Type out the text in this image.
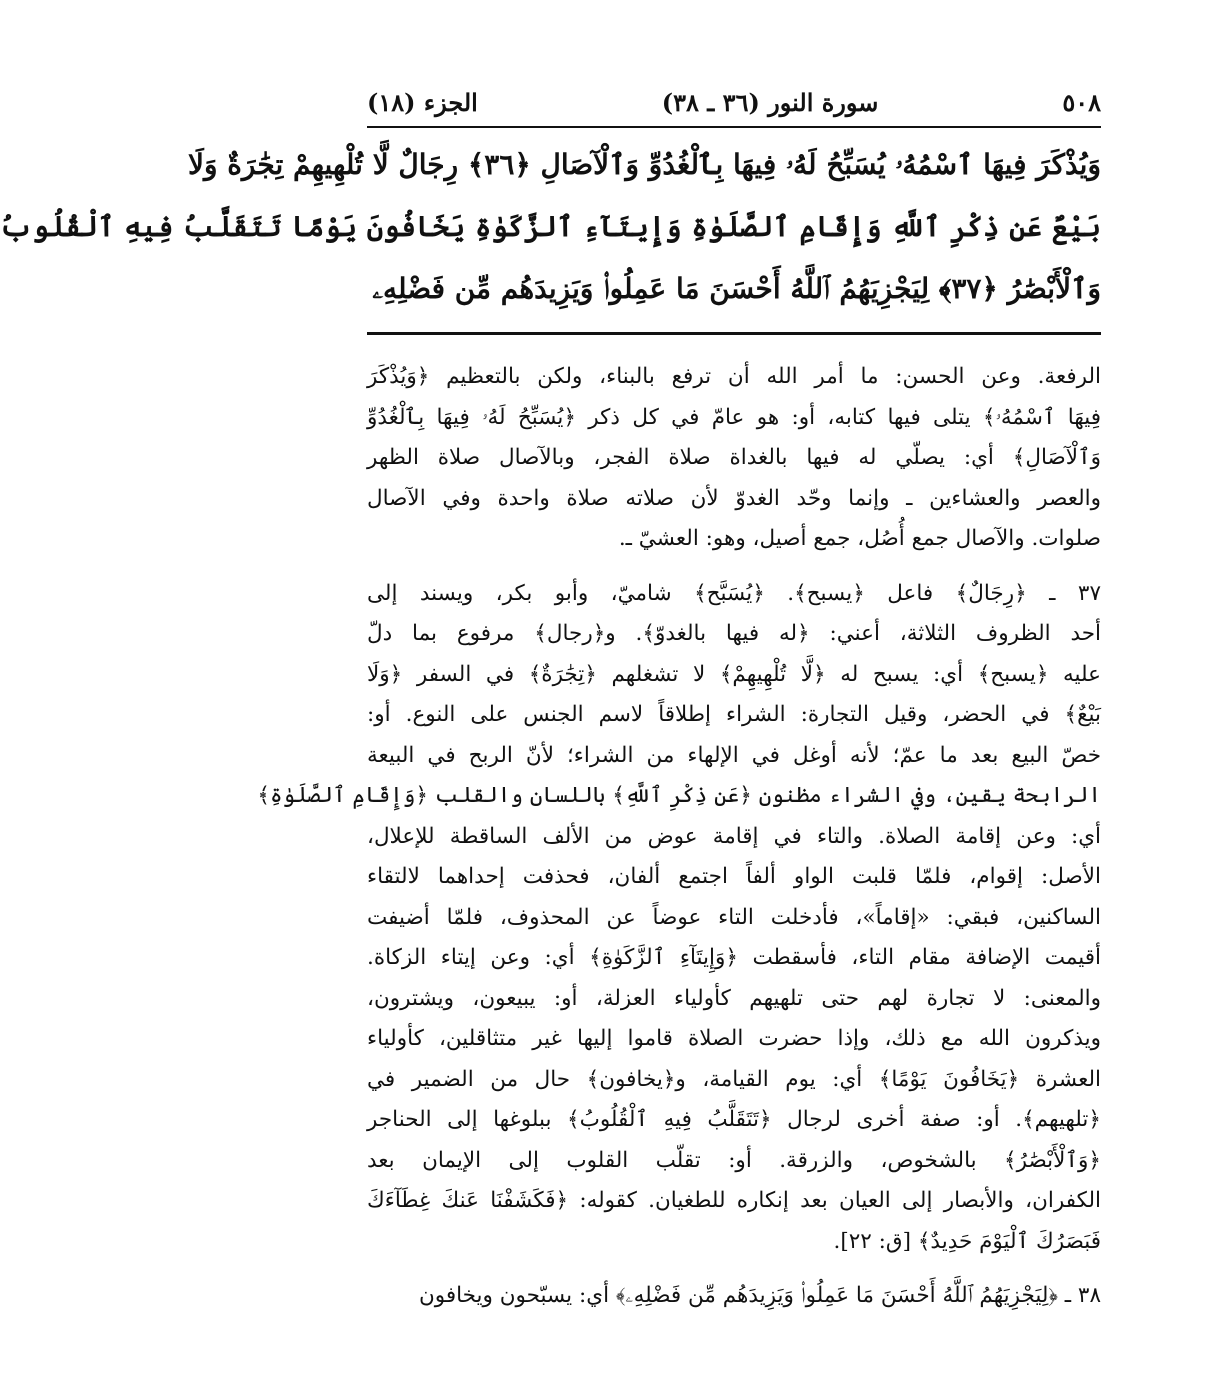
٥٠٨
سورة النور (٣٦ ـ ٣٨)
الجزء (١٨)
وَيُذْكَرَ فِيهَا ٱسْمُهُۥ يُسَبِّحُ لَهُۥ فِيهَا بِٱلْغُدُوِّ وَٱلْآصَالِ ﴿٣٦﴾ رِجَالٌ لَّا تُلْهِيهِمْ تِجَٰرَةٌ وَلَا
بَيْعٌ عَن ذِكْرِ ٱللَّهِ وَإِقَامِ ٱلصَّلَوٰةِ وَإِيتَآءِ ٱلزَّكَوٰةِ يَخَافُونَ يَوْمًا تَتَقَلَّبُ فِيهِ ٱلْقُلُوبُ
وَٱلْأَبْصَٰرُ ﴿٣٧﴾ لِيَجْزِيَهُمُ ٱللَّهُ أَحْسَنَ مَا عَمِلُوا۟ وَيَزِيدَهُم مِّن فَضْلِهِۦ
الرفعة. وعن الحسن: ما أمر الله أن ترفع بالبناء، ولكن بالتعظيم ﴿وَيُذْكَرَ
فِيهَا ٱسْمُهُۥ﴾ يتلى فيها كتابه، أو: هو عامّ في كل ذكر ﴿يُسَبِّحُ لَهُۥ فِيهَا بِٱلْغُدُوِّ
وَٱلْآصَالِ﴾ أي: يصلّي له فيها بالغداة صلاة الفجر، وبالآصال صلاة الظهر
والعصر والعشاءين ـ وإنما وحّد الغدوّ لأن صلاته صلاة واحدة وفي الآصال
صلوات. والآصال جمع أُصُل، جمع أصيل، وهو: العشيّ ـ.
٣٧ ـ ﴿رِجَالٌ﴾ فاعل ﴿يسبح﴾. ﴿يُسَبَّح﴾ شاميّ، وأبو بكر، ويسند إلى
أحد الظروف الثلاثة، أعني: ﴿له فيها بالغدوّ﴾. و﴿رجال﴾ مرفوع بما دلّ
عليه ﴿يسبح﴾ أي: يسبح له ﴿لَّا تُلْهِيهِمْ﴾ لا تشغلهم ﴿تِجَٰرَةٌ﴾ في السفر ﴿وَلَا
بَيْعٌ﴾ في الحضر، وقيل التجارة: الشراء إطلاقاً لاسم الجنس على النوع. أو:
خصّ البيع بعد ما عمّ؛ لأنه أوغل في الإلهاء من الشراء؛ لأنّ الربح في البيعة
الرابحة يقين، وفي الشراء مظنون ﴿عَن ذِكْرِ ٱللَّهِ﴾ باللسان والقلب ﴿وَإِقَامِ ٱلصَّلَوٰةِ﴾
أي: وعن إقامة الصلاة. والتاء في إقامة عوض من الألف الساقطة للإعلال،
الأصل: إقوام، فلمّا قلبت الواو ألفاً اجتمع ألفان، فحذفت إحداهما لالتقاء
الساكنين، فبقي: «إقاماً»، فأدخلت التاء عوضاً عن المحذوف، فلمّا أضيفت
أقيمت الإضافة مقام التاء، فأسقطت ﴿وَإِيتَآءِ ٱلزَّكَوٰةِ﴾ أي: وعن إيتاء الزكاة.
والمعنى: لا تجارة لهم حتى تلهيهم كأولياء العزلة، أو: يبيعون، ويشترون،
ويذكرون الله مع ذلك، وإذا حضرت الصلاة قاموا إليها غير متثاقلين، كأولياء
العشرة ﴿يَخَافُونَ يَوْمًا﴾ أي: يوم القيامة، و﴿يخافون﴾ حال من الضمير في
﴿تلهيهم﴾. أو: صفة أخرى لرجال ﴿تَتَقَلَّبُ فِيهِ ٱلْقُلُوبُ﴾ ببلوغها إلى الحناجر
﴿وَٱلْأَبْصَٰرُ﴾ بالشخوص، والزرقة. أو: تقلّب القلوب إلى الإيمان بعد
الكفران، والأبصار إلى العيان بعد إنكاره للطغيان. كقوله: ﴿فَكَشَفْنَا عَنكَ غِطَآءَكَ
فَبَصَرُكَ ٱلْيَوْمَ حَدِيدٌ﴾ [ق: ٢٢].
٣٨ ـ ﴿لِيَجْزِيَهُمُ ٱللَّهُ أَحْسَنَ مَا عَمِلُوا۟ وَيَزِيدَهُم مِّن فَضْلِهِۦ﴾ أي: يسبّحون ويخافون
